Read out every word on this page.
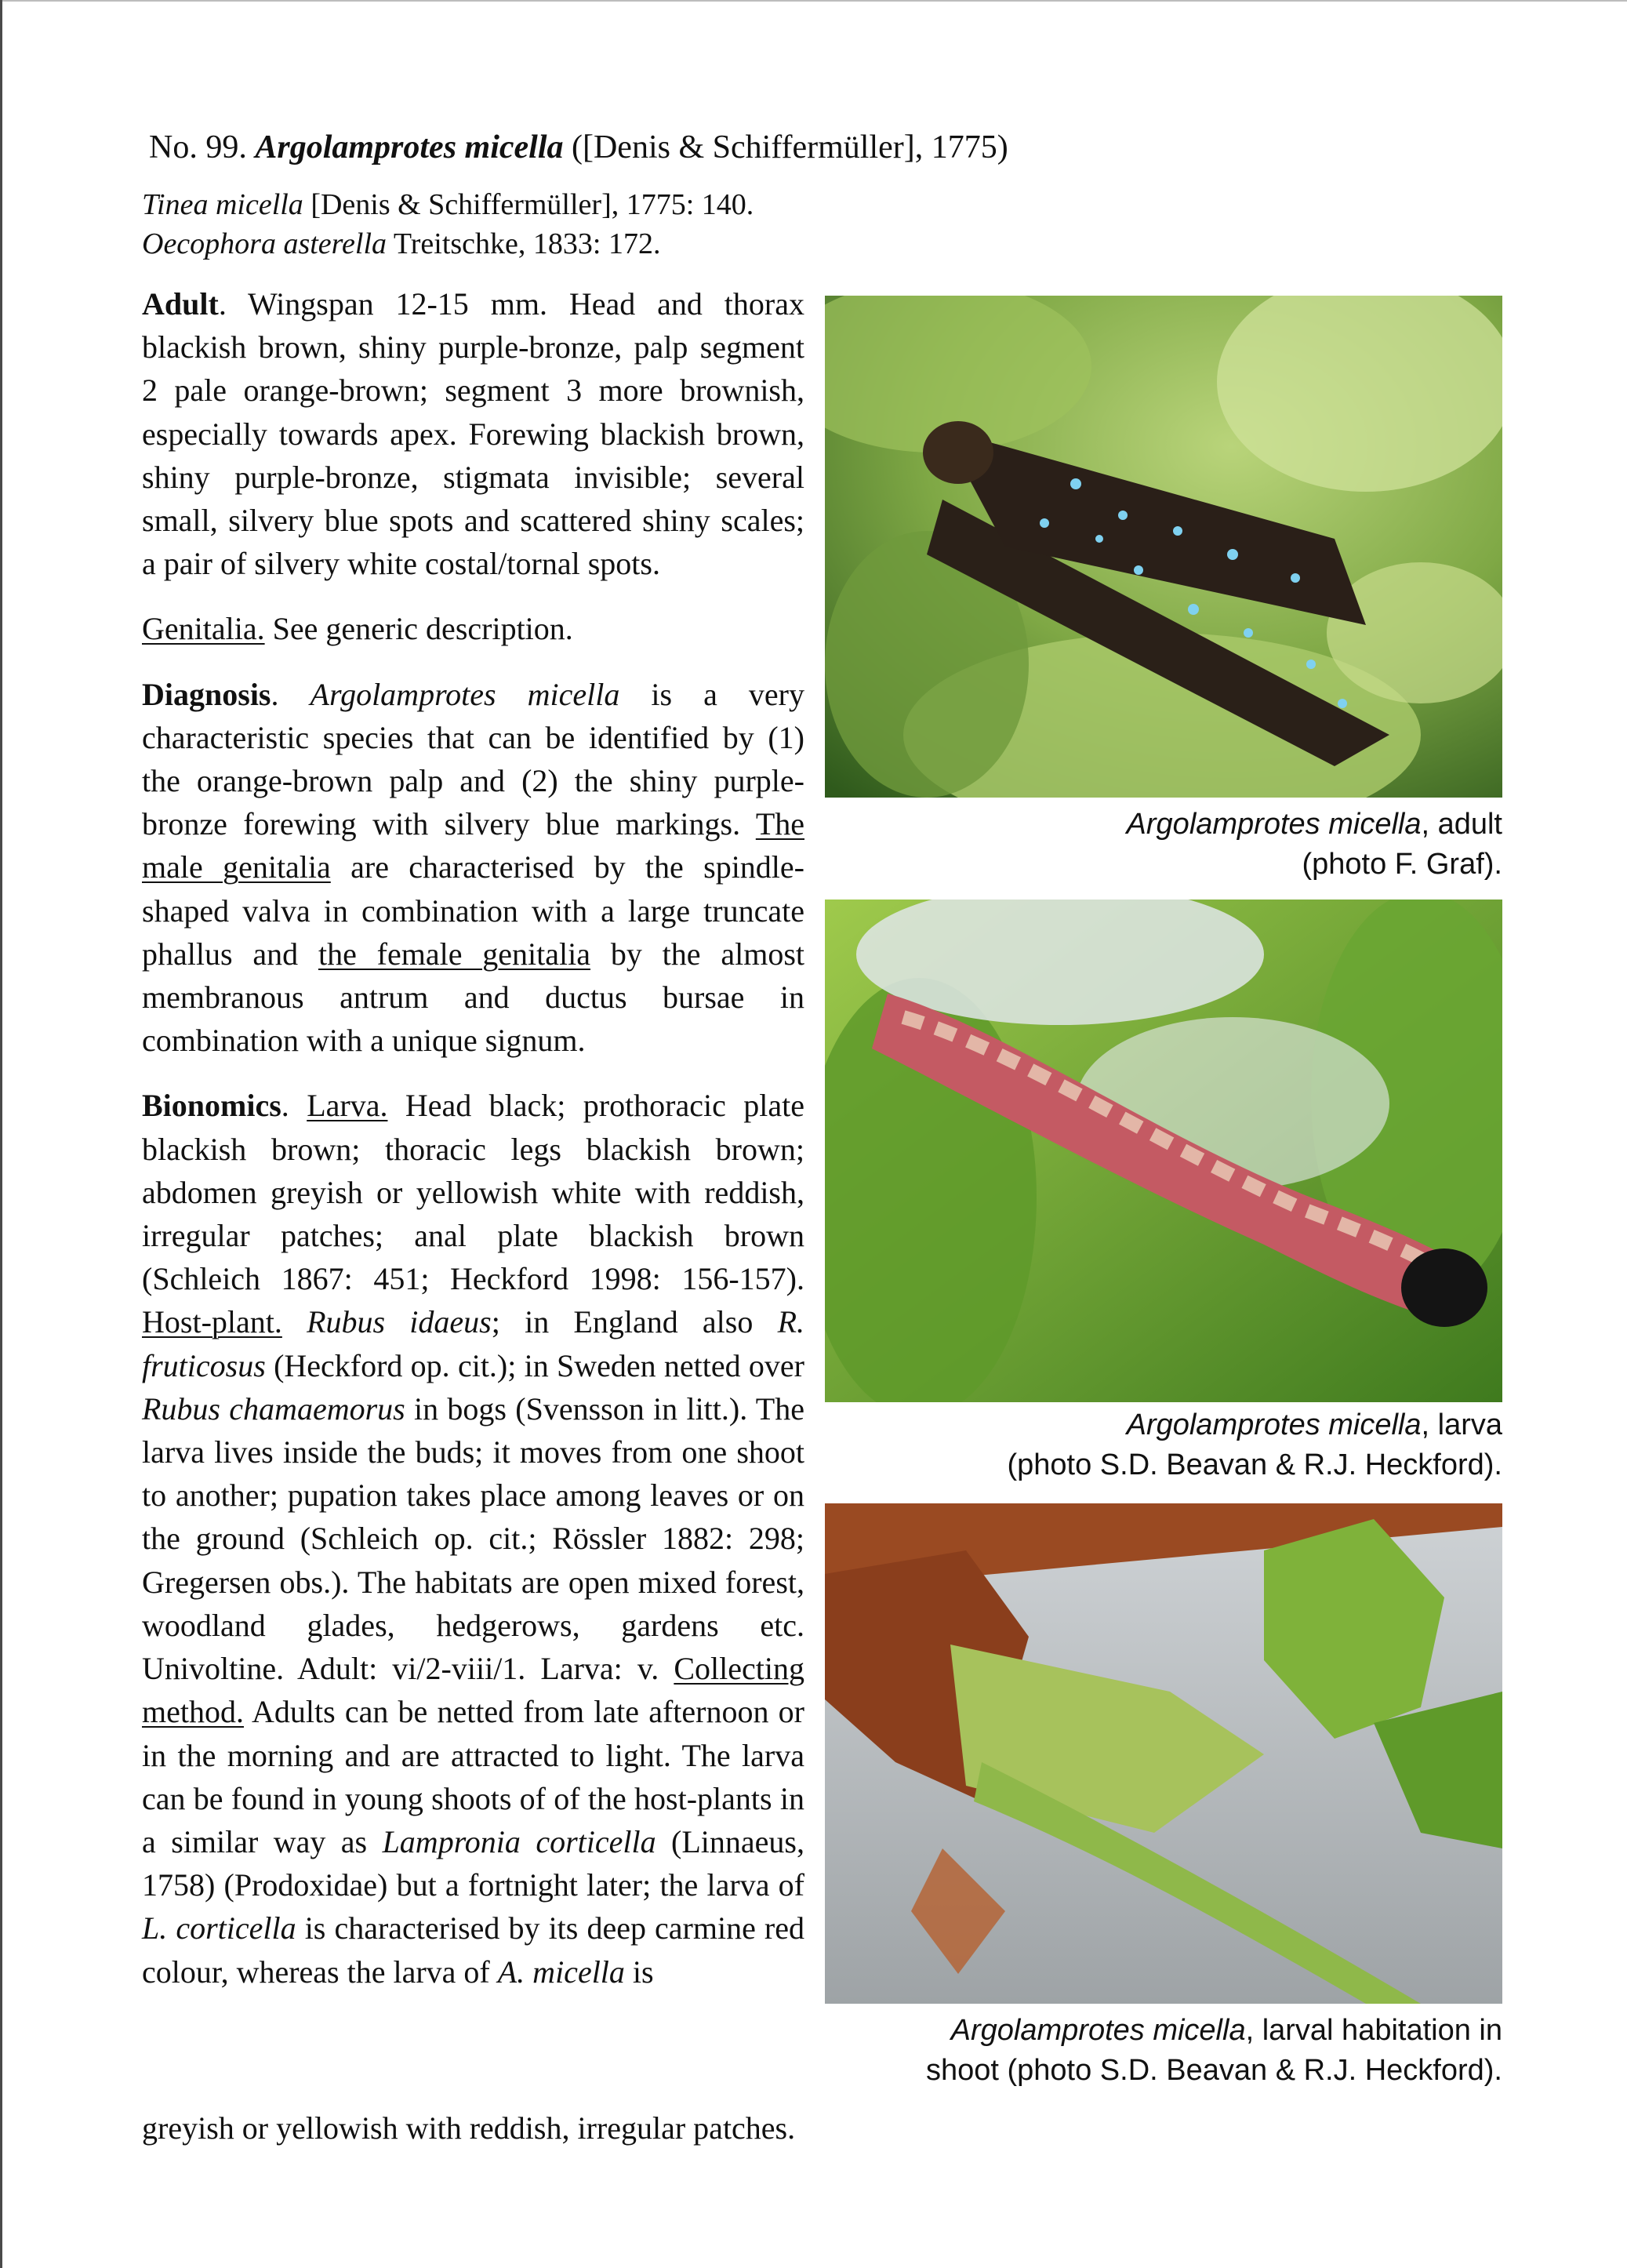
No. 99. Argolamprotes micella ([Denis & Schiffermüller], 1775)
Tinea micella [Denis & Schiffermüller], 1775: 140.
Oecophora asterella Treitschke, 1833: 172.

Adult. Wingspan 12-15 mm. Head and thorax blackish brown, shiny purple-bronze, palp segment 2 pale orange-brown; segment 3 more brownish, especially towards apex. Forewing blackish brown, shiny purple-bronze, stigmata invisible; several small, silvery blue spots and scattered shiny scales; a pair of silvery white costal/tornal spots.

Genitalia. See generic description.

Diagnosis. Argolamprotes micella is a very characteristic species that can be identified by (1) the orange-brown palp and (2) the shiny purple-bronze forewing with silvery blue markings. The male genitalia are characterised by the spindle-shaped valva in combination with a large truncate phallus and the female genitalia by the almost membranous antrum and ductus bursae in combination with a unique signum.

Bionomics. Larva. Head black; prothoracic plate blackish brown; thoracic legs blackish brown; abdomen greyish or yellowish white with reddish, irregular patches; anal plate blackish brown (Schleich 1867: 451; Heckford 1998: 156-157). Host-plant. Rubus idaeus; in England also R. fruticosus (Heckford op. cit.); in Sweden netted over Rubus chamaemorus in bogs (Svensson in litt.). The larva lives inside the buds; it moves from one shoot to another; pupation takes place among leaves or on the ground (Schleich op. cit.; Rössler 1882: 298; Gregersen obs.). The habitats are open mixed forest, woodland glades, hedgerows, gardens etc. Univoltine. Adult: vi/2-viii/1. Larva: v. Collecting method. Adults can be netted from late afternoon or in the morning and are attracted to light. The larva can be found in young shoots of of the host-plants in a similar way as Lampronia corticella (Linnaeus, 1758) (Prodoxidae) but a fortnight later; the larva of L. corticella is characterised by its deep carmine red colour, whereas the larva of A. micella is

greyish or yellowish with reddish, irregular patches.
Argolamprotes micella, adult
(photo F. Graf).
Argolamprotes micella, larva
(photo S.D. Beavan & R.J. Heckford).
Argolamprotes micella, larval habitation in
shoot (photo S.D. Beavan & R.J. Heckford).
